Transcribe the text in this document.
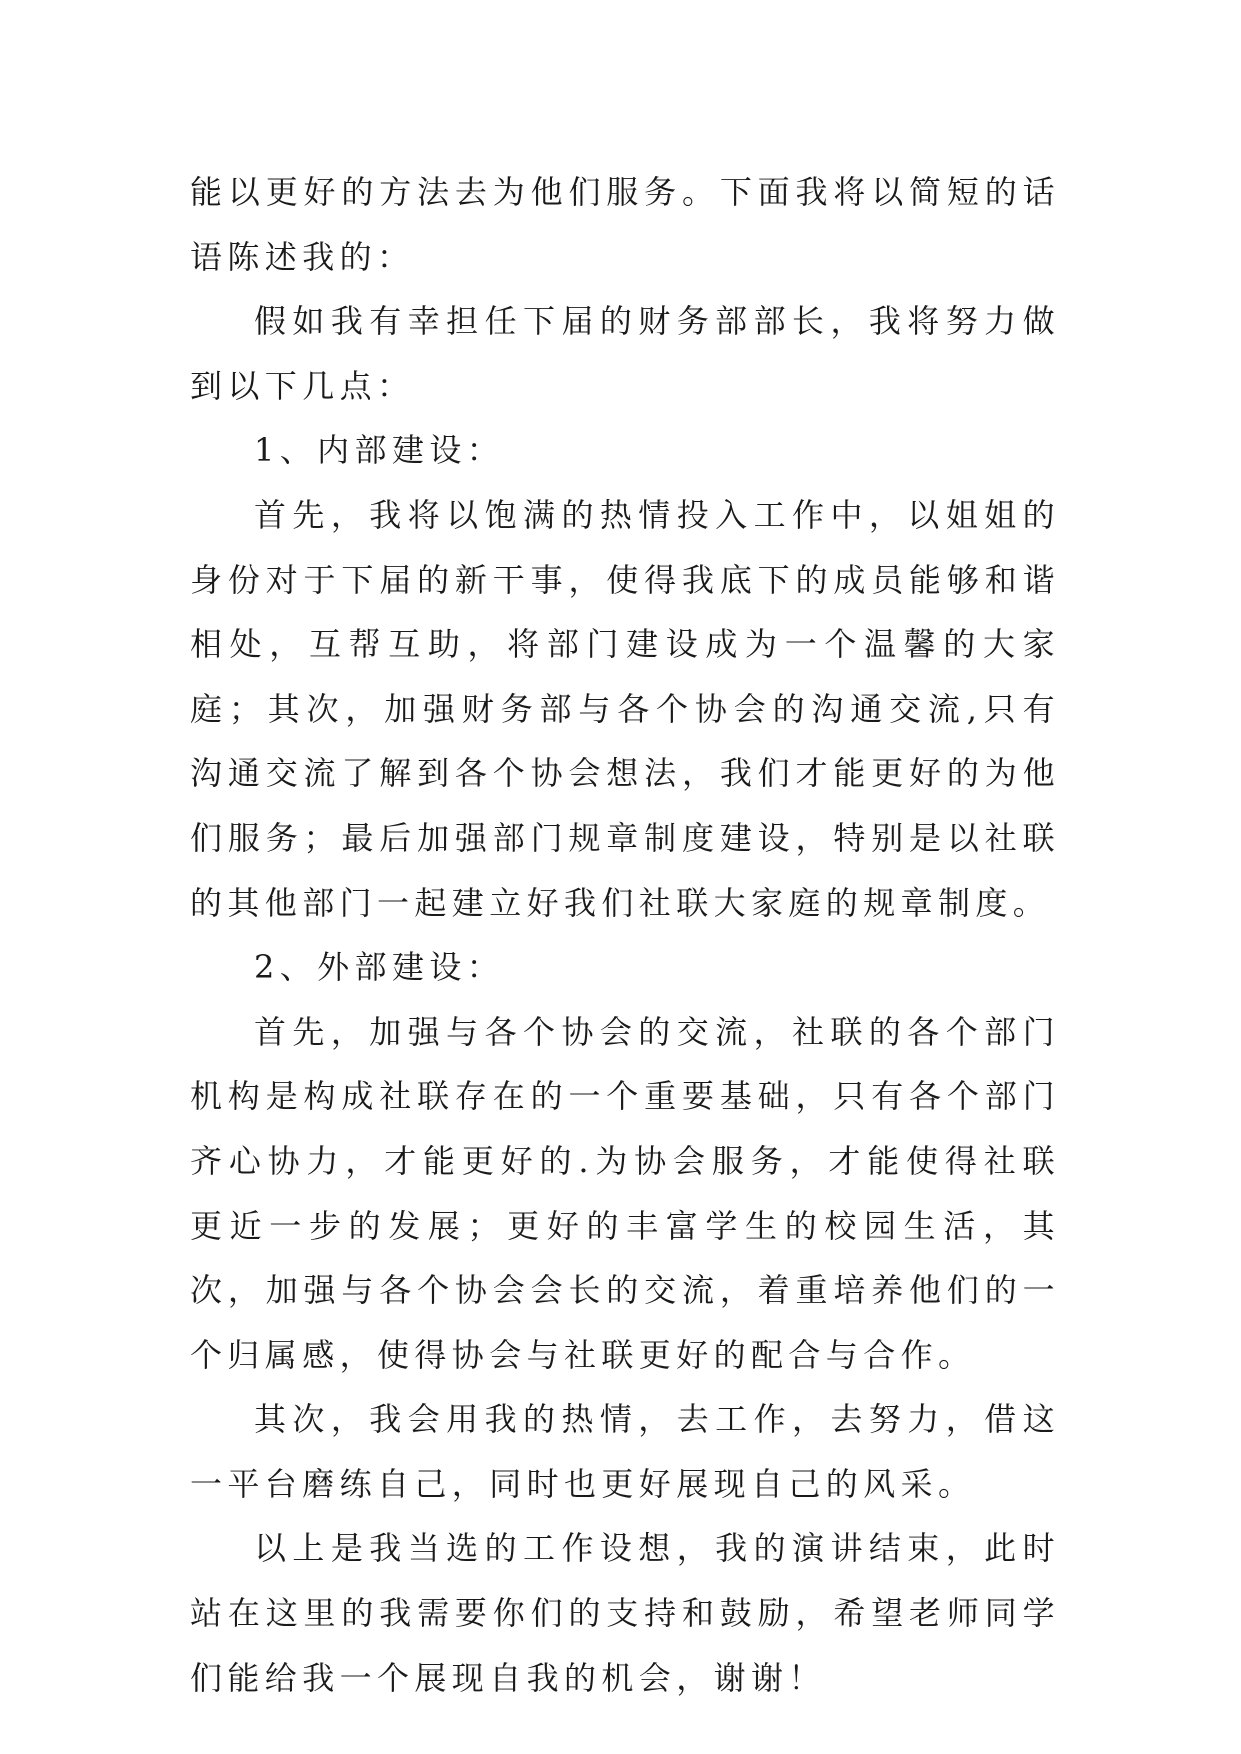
能以更好的方法去为他们服务。下面我将以简短的话语陈述我的：

假如我有幸担任下届的财务部部长，我将努力做到以下几点：

1、内部建设：

首先，我将以饱满的热情投入工作中，以姐姐的身份对于下届的新干事，使得我底下的成员能够和谐相处，互帮互助，将部门建设成为一个温馨的大家庭；其次，加强财务部与各个协会的沟通交流,只有沟通交流了解到各个协会想法，我们才能更好的为他们服务；最后加强部门规章制度建设，特别是以社联的其他部门一起建立好我们社联大家庭的规章制度。

2、外部建设：

首先，加强与各个协会的交流，社联的各个部门机构是构成社联存在的一个重要基础，只有各个部门齐心协力，才能更好的.为协会服务，才能使得社联更近一步的发展；更好的丰富学生的校园生活，其次，加强与各个协会会长的交流，着重培养他们的一个归属感，使得协会与社联更好的配合与合作。

其次，我会用我的热情，去工作，去努力，借这一平台磨练自己，同时也更好展现自己的风采。

以上是我当选的工作设想，我的演讲结束，此时站在这里的我需要你们的支持和鼓励，希望老师同学们能给我一个展现自我的机会，谢谢！
